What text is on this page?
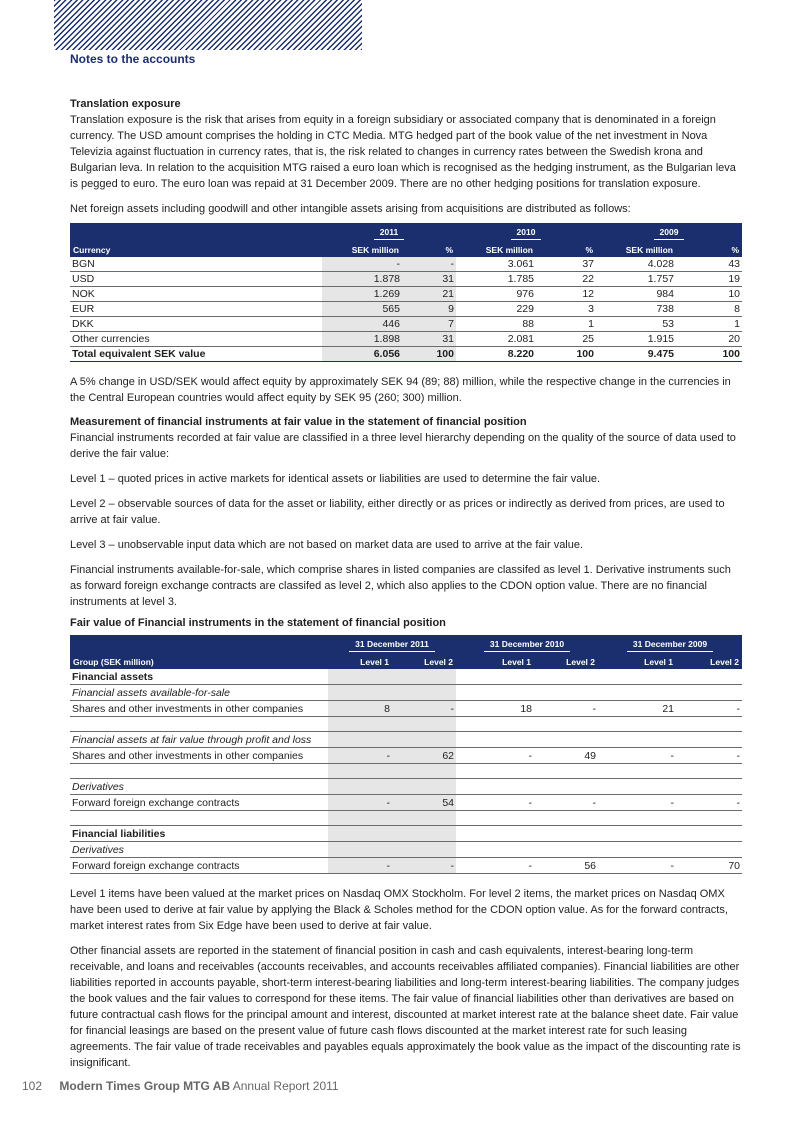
Notes to the accounts
Translation exposure

Translation exposure is the risk that arises from equity in a foreign subsidiary or associated company that is denominated in a foreign currency. The USD amount comprises the holding in CTC Media. MTG hedged part of the book value of the net investment in Nova Televizia against fluctuation in currency rates, that is, the risk related to changes in currency rates between the Swedish krona and Bulgarian leva. In relation to the acquisition MTG raised a euro loan which is recognised as the hedging instrument, as the Bulgarian leva is pegged to euro. The euro loan was repaid at 31 December 2009. There are no other hedging positions for translation exposure.

Net foreign assets including goodwill and other intangible assets arising from acquisitions are distributed as follows:

	2011		2010		2009	
Currency	SEK million	%	SEK million	%	SEK million	%
BGN	-	-	3.061	37	4.028	43
USD	1.878	31	1.785	22	1.757	19
NOK	1.269	21	976	12	984	10
EUR	565	9	229	3	738	8
DKK	446	7	88	1	53	1
Other currencies	1.898	31	2.081	25	1.915	20
Total equivalent SEK value	6.056	100	8.220	100	9.475	100

A 5% change in USD/SEK would affect equity by approximately SEK 94 (89; 88) million, while the respective change in the currencies in the Central European countries would affect equity by SEK 95 (260; 300) million.

Measurement of financial instruments at fair value in the statement of financial position

Financial instruments recorded at fair value are classified in a three level hierarchy depending on the quality of the source of data used to derive the fair value:

Level 1 – quoted prices in active markets for identical assets or liabilities are used to determine the fair value.

Level 2 – observable sources of data for the asset or liability, either directly or as prices or indirectly as derived from prices, are used to arrive at fair value.

Level 3 – unobservable input data which are not based on market data are used to arrive at the fair value.

Financial instruments available-for-sale, which comprise shares in listed companies are classifed as level 1. Derivative instruments such as forward foreign exchange contracts are classifed as level 2, which also applies to the CDON option value. There are no financial instruments at level 3.

Fair value of Financial instruments in the statement of financial position
	31 December 2011		31 December 2010		31 December 2009	
Group (SEK million)	Level 1	Level 2	Level 1	Level 2	Level 1	Level 2
Financial assets						
Financial assets available-for-sale						
Shares and other investments in other companies	8	-	18	-	21	-

Financial assets at fair value through profit and loss						
Shares and other investments in other companies	-	62	-	49	-	-

Derivatives						
Forward foreign exchange contracts	-	54	-	-	-	-

Financial liabilities						
Derivatives						
Forward foreign exchange contracts	-	-	-	56	-	70

Level 1 items have been valued at the market prices on Nasdaq OMX Stockholm. For level 2 items, the market prices on Nasdaq OMX have been used to derive at fair value by applying the Black & Scholes method for the CDON option value. As for the forward contracts, market interest rates from Six Edge have been used to derive at fair value.

Other financial assets are reported in the statement of financial position in cash and cash equivalents, interest-bearing long-term receivable, and loans and receivables (accounts receivables, and accounts receivables affiliated companies). Financial liabilities are other liabilities reported in accounts payable, short-term interest-bearing liabilities and long-term interest-bearing liabilities. The company judges the book values and the fair values to correspond for these items. The fair value of financial liabilities other than derivatives are based on future contractual cash flows for the principal amount and interest, discounted at market interest rate at the balance sheet date. Fair value for financial leasings are based on the present value of future cash flows discounted at the market interest rate for such leasing agreements. The fair value of trade receivables and payables equals approximately the book value as the impact of the discounting rate is insignificant.

102 Modern Times Group MTG AB Annual Report 2011
